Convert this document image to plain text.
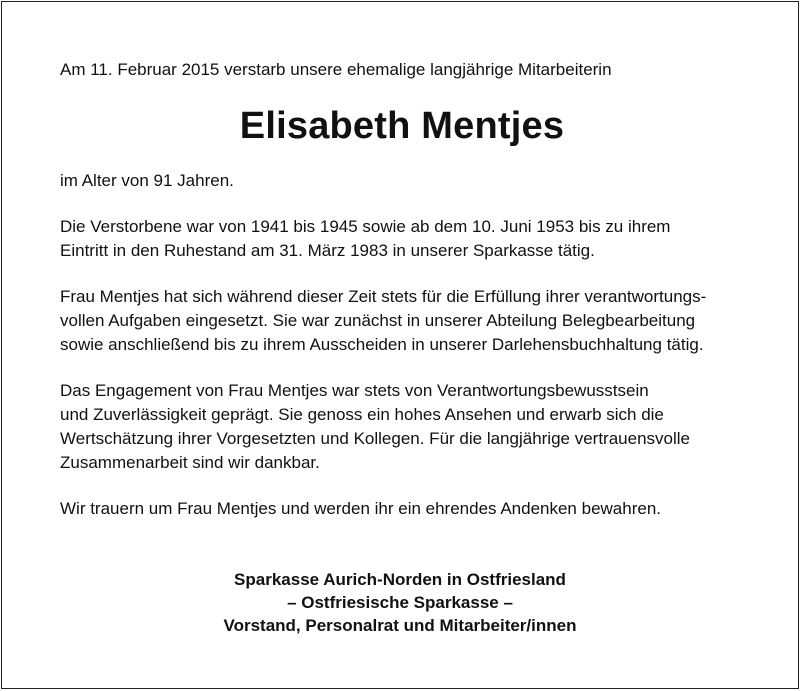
Am 11. Februar 2015 verstarb unsere ehemalige langjährige Mitarbeiterin

Elisabeth Mentjes

im Alter von 91 Jahren.

Die Verstorbene war von 1941 bis 1945 sowie ab dem 10. Juni 1953 bis zu ihrem
Eintritt in den Ruhestand am 31. März 1983 in unserer Sparkasse tätig.

Frau Mentjes hat sich während dieser Zeit stets für die Erfüllung ihrer verantwortungs-
vollen Aufgaben eingesetzt. Sie war zunächst in unserer Abteilung Belegbearbeitung
sowie anschließend bis zu ihrem Ausscheiden in unserer Darlehensbuchhaltung tätig.

Das Engagement von Frau Mentjes war stets von Verantwortungsbewusstsein
und Zuverlässigkeit geprägt. Sie genoss ein hohes Ansehen und erwarb sich die
Wertschätzung ihrer Vorgesetzten und Kollegen. Für die langjährige vertrauensvolle
Zusammenarbeit sind wir dankbar.

Wir trauern um Frau Mentjes und werden ihr ein ehrendes Andenken bewahren.

Sparkasse Aurich-Norden in Ostfriesland
– Ostfriesische Sparkasse –
Vorstand, Personalrat und Mitarbeiter/innen
